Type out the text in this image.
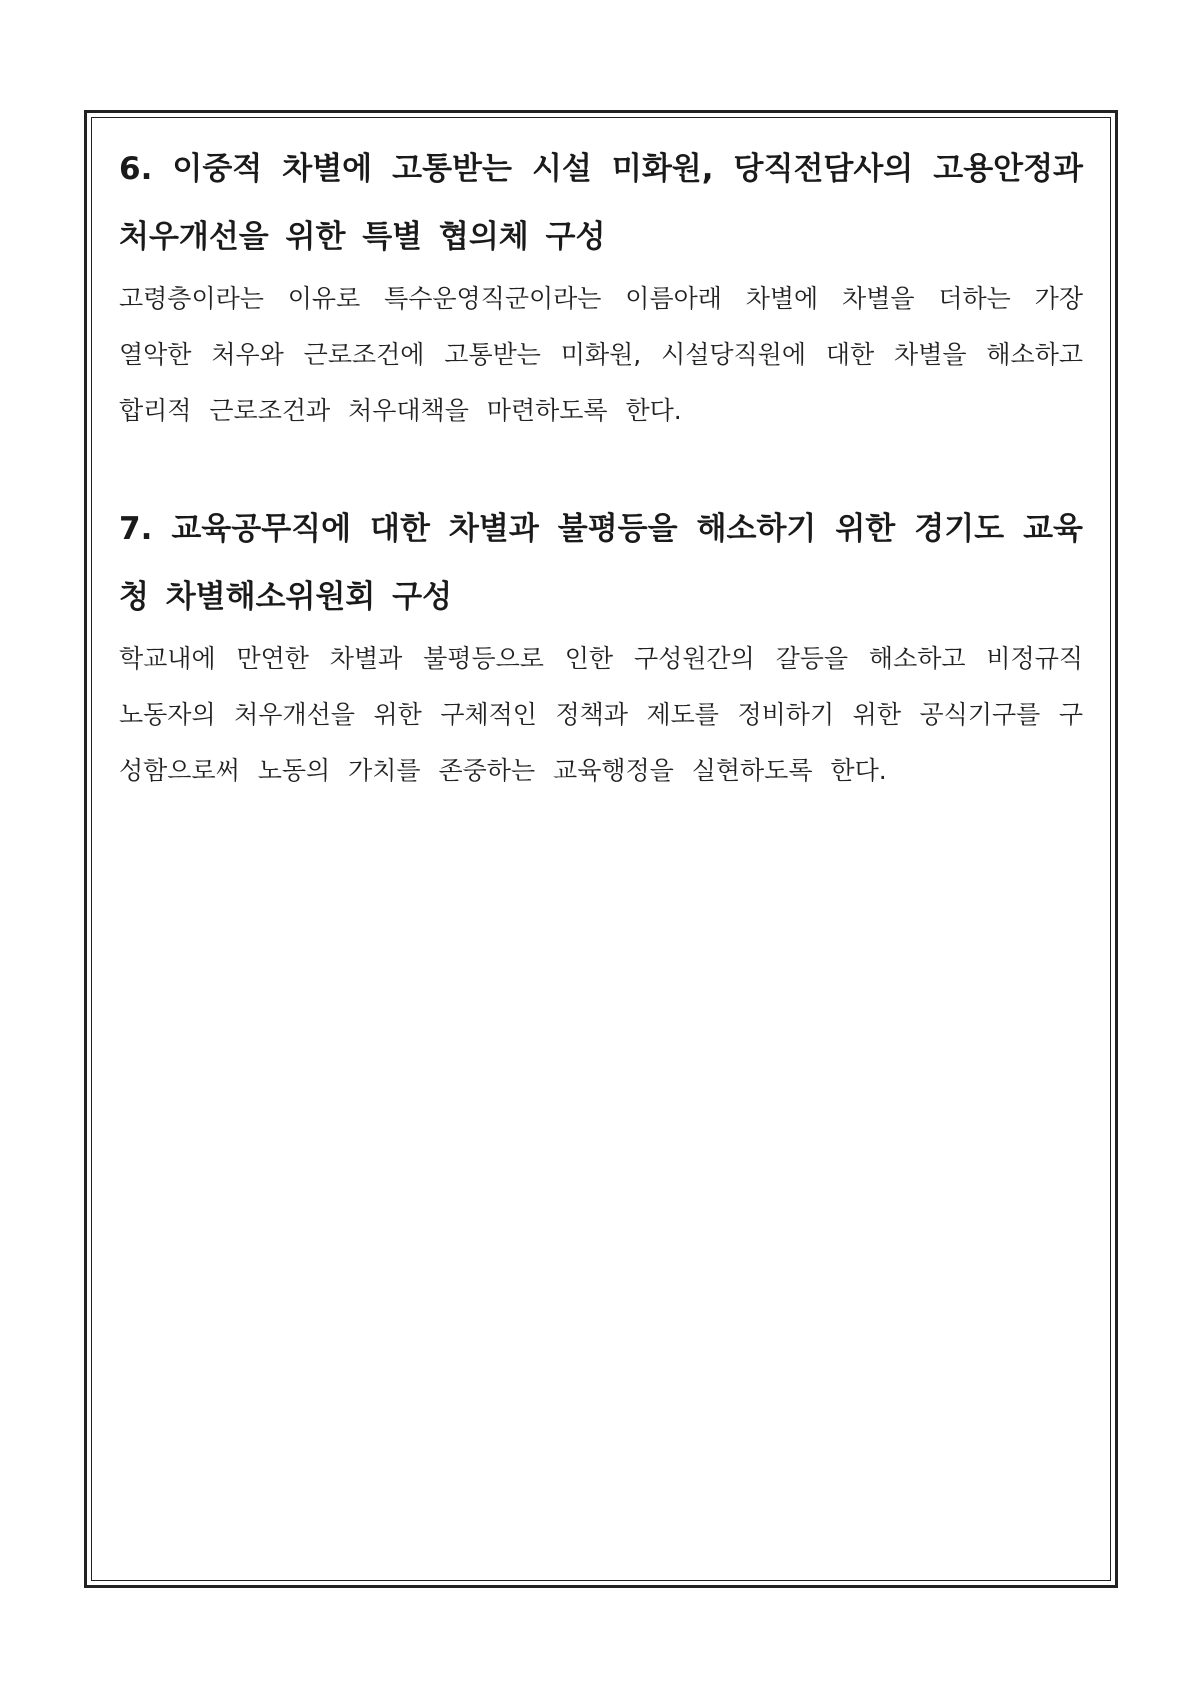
6. 이중적 차별에 고통받는 시설 미화원, 당직전담사의 고용안정과 처우개선을 위한 특별 협의체 구성

고령층이라는 이유로 특수운영직군이라는 이름아래 차별에 차별을 더하는 가장 열악한 처우와 근로조건에 고통받는 미화원, 시설당직원에 대한 차별을 해소하고 합리적 근로조건과 처우대책을 마련하도록 한다.

7. 교육공무직에 대한 차별과 불평등을 해소하기 위한 경기도 교육청 차별해소위원회 구성

학교내에 만연한 차별과 불평등으로 인한 구성원간의 갈등을 해소하고 비정규직 노동자의 처우개선을 위한 구체적인 정책과 제도를 정비하기 위한 공식기구를 구성함으로써 노동의 가치를 존중하는 교육행정을 실현하도록 한다.
